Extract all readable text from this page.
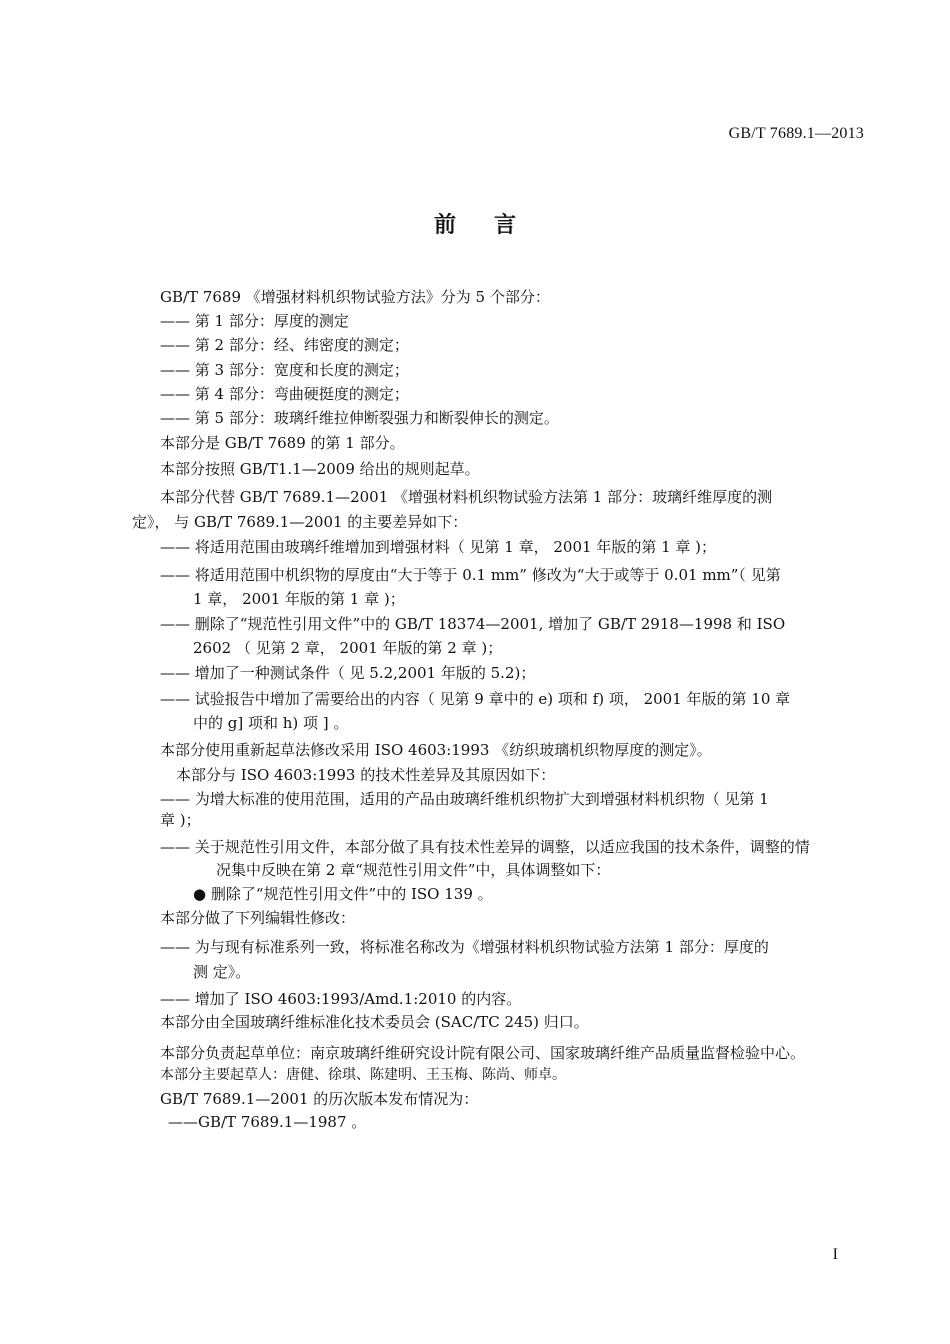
GB/T 7689.1—2013
前言
GB/T 7689 《增强材料机织物试验方法》分为 5 个部分：
—— 第 1 部分：厚度的测定
—— 第 2 部分：经、纬密度的测定；
—— 第 3 部分：宽度和长度的测定；
—— 第 4 部分：弯曲硬挺度的测定；
—— 第 5 部分：玻璃纤维拉伸断裂强力和断裂伸长的测定。
本部分是 GB/T 7689 的第 1 部分。
本部分按照 GB/T1.1—2009 给出的规则起草。
本部分代替 GB/T 7689.1—2001 《增强材料机织物试验方法第 1 部分：玻璃纤维厚度的测
定》， 与 GB/T 7689.1—2001 的主要差异如下：
—— 将适用范围由玻璃纤维增加到增强材料（ 见第 1 章， 2001 年版的第 1 章 )；
—— 将适用范围中机织物的厚度由“大于等于 0.1 mm” 修改为“大于或等于 0.01 mm”（ 见第
1 章， 2001 年版的第 1 章 )；
—— 删除了“规范性引用文件”中的 GB/T 18374—2001, 增加了 GB/T 2918—1998 和 ISO
2602 （ 见第 2 章， 2001 年版的第 2 章 )；
—— 增加了一种测试条件（ 见 5.2,2001 年版的 5.2)；
—— 试验报告中增加了需要给出的内容（ 见第 9 章中的 e) 项和 f) 项， 2001 年版的第 10 章
中的 g] 项和 h) 项 ] 。
本部分使用重新起草法修改采用 ISO 4603:1993 《纺织玻璃机织物厚度的测定》。
本部分与 ISO 4603:1993 的技术性差异及其原因如下：
—— 为增大标准的使用范围，适用的产品由玻璃纤维机织物扩大到增强材料机织物（ 见第 1
章 )；
—— 关于规范性引用文件，本部分做了具有技术性差异的调整，以适应我国的技术条件，调整的情
况集中反映在第 2 章“规范性引用文件”中，具体调整如下：
● 删除了“规范性引用文件”中的 ISO 139 。
本部分做了下列编辑性修改：
—— 为与现有标准系列一致，将标准名称改为《增强材料机织物试验方法第 1 部分：厚度的
测 定》。
—— 增加了 ISO 4603:1993/Amd.1:2010 的内容。
本部分由全国玻璃纤维标准化技术委员会 (SAC/TC 245) 归口。
本部分负责起草单位：南京玻璃纤维研究设计院有限公司、国家玻璃纤维产品质量监督检验中心。
本部分主要起草人：唐健、徐琪、陈建明、王玉梅、陈尚、师卓。
GB/T 7689.1—2001 的历次版本发布情况为：
——GB/T 7689.1—1987 。
I
